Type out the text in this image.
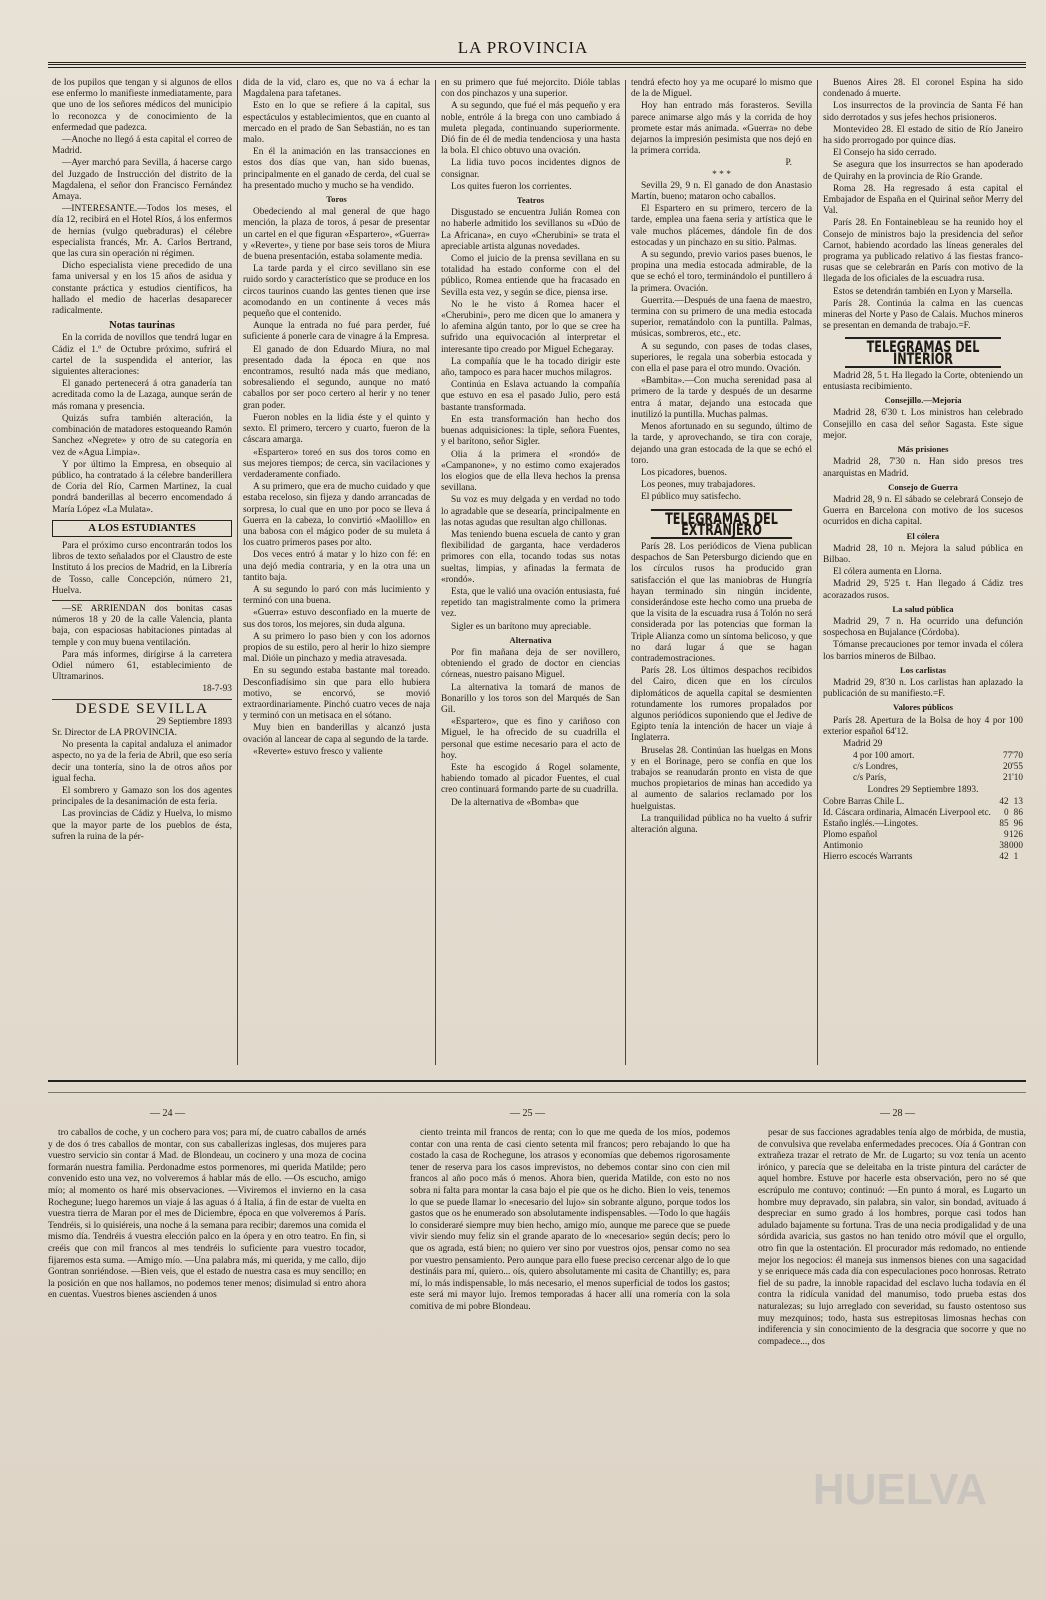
LA PROVINCIA

de los pupilos que tengan y si algunos de ellos ese enfermo lo manifieste inmediatamente, para que uno de los señores médicos del municipio lo reconozca y de conocimiento de la enfermedad que padezca.

—Anoche no llegó á esta capital el correo de Madrid.

—Ayer marchó para Sevilla, á hacerse cargo del Juzgado de Instrucción del distrito de la Magdalena, el señor don Francisco Fernández Amaya.

—INTERESANTE.—Todos los meses, el día 12, recibirá en el Hotel Ríos, á los enfermos de hernias (vulgo quebraduras) el célebre especialista francés, Mr. A. Carlos Bertrand, que las cura sin operación ni régimen.

Dicho especialista viene precedido de una fama universal y en los 15 años de asidua y constante práctica y estudios científicos, ha hallado el medio de hacerlas desaparecer radicalmente.

Notas taurinas

En la corrida de novillos que tendrá lugar en Cádiz el 1.º de Octubre próximo, sufrirá el cartel de la suspendida el anterior, las siguientes alteraciones:

El ganado pertenecerá á otra ganadería tan acreditada como la de Lazaga, aunque serán de más romana y presencia.

Quizás sufra también alteración, la combinación de matadores estoqueando Ramón Sanchez «Negrete» y otro de su categoría en vez de «Agua Limpia».

Y por último la Empresa, en obsequio al público, ha contratado á la célebre banderillera de Coria del Río, Carmen Martinez, la cual pondrá banderillas al becerro encomendado á María López «La Mulata».

A LOS ESTUDIANTES

Para el próximo curso encontrarán todos los libros de texto señalados por el Claustro de este Instituto á los precios de Madrid, en la Librería de Tosso, calle Concepción, número 21, Huelva.

—SE ARRIENDAN dos bonitas casas números 18 y 20 de la calle Valencia, planta baja, con espaciosas habitaciones pintadas al temple y con muy buena ventilación.

Para más informes, dirígirse á la carretera Odiel número 61, establecimiento de Ultramarinos.

18-7-93
DESDE SEVILLA
29 Septiembre 1893

Sr. Director de LA PROVINCIA.

No presenta la capital andaluza el animador aspecto, no ya de la feria de Abril, que eso sería decir una tontería, sino la de otros años por igual fecha.

El sombrero y Gamazo son los dos agentes principales de la desanimación de esta feria.

Las provincias de Cádiz y Huelva, lo mismo que la mayor parte de los pueblos de ésta, sufren la ruina de la pér-

dida de la vid, claro es, que no va á echar la Magdalena para tafetanes.

Esto en lo que se refiere á la capital, sus espectáculos y establecimientos, que en cuanto al mercado en el prado de San Sebastián, no es tan malo.

En él la animación en las transacciones en estos dos días que van, han sido buenas, principalmente en el ganado de cerda, del cual se ha presentado mucho y mucho se ha vendido.

Toros

Obedeciendo al mal general de que hago mención, la plaza de toros, á pesar de presentar un cartel en el que figuran «Espartero», «Guerra» y «Reverte», y tiene por base seis toros de Miura de buena presentación, estaba solamente media.

La tarde parda y el circo sevillano sin ese ruido sordo y característico que se produce en los circos taurinos cuando las gentes tienen que irse acomodando en un continente á veces más pequeño que el contenido.

Aunque la entrada no fué para perder, fué suficiente á ponerle cara de vinagre á la Empresa.

El ganado de don Eduardo Miura, no mal presentado dada la época en que nos encontramos, resultó nada más que mediano, sobresaliendo el segundo, aunque no mató caballos por ser poco certero al herir y no tener gran poder.

Fueron nobles en la lidia éste y el quinto y sexto. El primero, tercero y cuarto, fueron de la cáscara amarga.

«Espartero» toreó en sus dos toros como en sus mejores tiempos; de cerca, sin vacilaciones y verdaderamente confiado.

A su primero, que era de mucho cuidado y que estaba receloso, sin fijeza y dando arrancadas de sorpresa, lo cual que en uno por poco se lleva á Guerra en la cabeza, lo convirtió «Maolillo» en una babosa con el mágico poder de su muleta á los cuatro primeros pases por alto.

Dos veces entró á matar y lo hizo con fé: en una dejó media contraria, y en la otra una un tantito baja.

A su segundo lo paró con más lucimiento y terminó con una buena.

«Guerra» estuvo desconfiado en la muerte de sus dos toros, los mejores, sin duda alguna.

A su primero lo paso bien y con los adornos propios de su estilo, pero al herir lo hizo siempre mal. Dióle un pinchazo y media atravesada.

En su segundo estaba bastante mal toreado. Desconfiadísimo sin que para ello hubiera motivo, se encorvó, se movió extraordinariamente. Pinchó cuatro veces de naja y terminó con un metisaca en el sótano.

Muy bien en banderillas y alcanzó justa ovación al lancear de capa al segundo de la tarde.

«Reverte» estuvo fresco y valiente

en su primero que fué mejorcito. Dióle tablas con dos pinchazos y una superior.

A su segundo, que fué el más pequeño y era noble, entróle á la brega con uno cambiado á muleta plegada, continuando superiormente. Dió fin de él de media tendenciosa y una hasta la bola. El chico obtuvo una ovación.

La lidia tuvo pocos incidentes dignos de consignar.

Los quites fueron los corrientes.

Teatros

Disgustado se encuentra Julián Romea con no haberle admitido los sevillanos su «Dúo de La Africana», en cuyo «Cherubini» se trata el apreciable artista algunas novedades.

Como el juicio de la prensa sevillana en su totalidad ha estado conforme con el del público, Romea entiende que ha fracasado en Sevilla esta vez, y según se dice, piensa irse.

No le he visto á Romea hacer el «Cherubini», pero me dicen que lo amanera y lo afemina algún tanto, por lo que se cree ha sufrido una equivocación al interpretar el interesante tipo creado por Miguel Echegaray.

La compañía que le ha tocado dirigir este año, tampoco es para hacer muchos milagros.

Continúa en Eslava actuando la compañía que estuvo en esa el pasado Julio, pero está bastante transformada.

En esta transformación han hecho dos buenas adquisiciones: la tiple, señora Fuentes, y el barítono, señor Sigler.

Olia á la primera el «rondó» de «Campanone», y no estimo como exajerados los elogios que de ella lleva hechos la prensa sevillana.

Su voz es muy delgada y en verdad no todo lo agradable que se desearía, principalmente en las notas agudas que resultan algo chillonas.

Mas teniendo buena escuela de canto y gran flexibilidad de garganta, hace verdaderos primores con ella, tocando todas sus notas sueltas, limpias, y afinadas la fermata de «rondó».

Esta, que le valió una ovación entusiasta, fué repetido tan magistralmente como la primera vez.

Sigler es un barítono muy apreciable.

Alternativa

Por fin mañana deja de ser novillero, obteniendo el grado de doctor en ciencias córneas, nuestro paisano Miguel.

La alternativa la tomará de manos de Bonarillo y los toros son del Marqués de San Gil.

«Espartero», que es fino y cariñoso con Miguel, le ha ofrecido de su cuadrilla el personal que estime necesario para el acto de hoy.

Este ha escogido á Rogel solamente, habiendo tomado al picador Fuentes, el cual creo continuará formando parte de su cuadrilla.

De la alternativa de «Bomba» que

tendrá efecto hoy ya me ocuparé lo mismo que de la de Miguel.

Hoy han entrado más forasteros. Sevilla parece animarse algo más y la corrida de hoy promete estar más animada. «Guerra» no debe dejarnos la impresión pesimista que nos dejó en la primera corrida.

P.
* * *

Sevilla 29, 9 n. El ganado de don Anastasio Martín, bueno; mataron ocho caballos.

El Espartero en su primero, tercero de la tarde, emplea una faena seria y artística que le vale muchos plácemes, dándole fin de dos estocadas y un pinchazo en su sitio. Palmas.

A su segundo, previo varios pases buenos, le propina una media estocada admirable, de la que se echó el toro, terminándolo el puntillero á la primera. Ovación.

Guerrita.—Después de una faena de maestro, termina con su primero de una media estocada superior, rematándolo con la puntilla. Palmas, músicas, sombreros, etc., etc.

A su segundo, con pases de todas clases, superiores, le regala una soberbia estocada y con ella el pase para el otro mundo. Ovación.

«Bambita».—Con mucha serenidad pasa al primero de la tarde y después de un desarme entra á matar, dejando una estocada que inutilizó la puntilla. Muchas palmas.

Menos afortunado en su segundo, último de la tarde, y aprovechando, se tira con coraje, dejando una gran estocada de la que se echó el toro.

Los picadores, buenos.

Los peones, muy trabajadores.

El público muy satisfecho.

TELEGRAMAS DEL EXTRANJERO

París 28. Los periódicos de Viena publican despachos de San Petersburgo diciendo que en los círculos rusos ha producido gran satisfacción el que las maniobras de Hungría hayan terminado sin ningún incidente, considerándose este hecho como una prueba de que la visita de la escuadra rusa á Tolón no será considerada por las potencias que forman la Triple Alianza como un síntoma belicoso, y que no dará lugar á que se hagan contrademostraciones.

París 28. Los últimos despachos recibidos del Cairo, dicen que en los círculos diplomáticos de aquella capital se desmienten rotundamente los rumores propalados por algunos periódicos suponiendo que el Jedive de Egipto tenía la intención de hacer un viaje á Inglaterra.

Bruselas 28. Continúan las huelgas en Mons y en el Borinage, pero se confía en que los trabajos se reanudarán pronto en vista de que muchos propietarios de minas han accedido ya al aumento de salarios reclamado por los huelguistas.

La tranquilidad pública no ha vuelto á sufrir alteración alguna.

Buenos Aires 28. El coronel Espina ha sido condenado á muerte.

Los insurrectos de la provincia de Santa Fé han sido derrotados y sus jefes hechos prisioneros.

Montevideo 28. El estado de sitio de Río Janeiro ha sido prorrogado por quince días.

El Consejo ha sido cerrado.

Se asegura que los insurrectos se han apoderado de Quirahy en la provincia de Río Grande.

Roma 28. Ha regresado á esta capital el Embajador de España en el Quirinal señor Merry del Val.

París 28. En Fontainebleau se ha reunido hoy el Consejo de ministros bajo la presidencia del señor Carnot, habiendo acordado las líneas generales del programa ya publicado relativo á las fiestas franco-rusas que se celebrarán en París con motivo de la llegada de los oficiales de la escuadra rusa.

Estos se detendrán también en Lyon y Marsella.

París 28. Continúa la calma en las cuencas mineras del Norte y Paso de Calais. Muchos mineros se presentan en demanda de trabajo.=F.

TELEGRAMAS DEL INTERIOR

Madrid 28, 5 t. Ha llegado la Corte, obteniendo un entusiasta recibimiento.

Consejillo.—Mejoría

Madrid 28, 6'30 t. Los ministros han celebrado Consejillo en casa del señor Sagasta. Este sigue mejor.

Más prisiones

Madrid 28, 7'30 n. Han sido presos tres anarquistas en Madrid.

Consejo de Guerra

Madrid 28, 9 n. El sábado se celebrará Consejo de Guerra en Barcelona con motivo de los sucesos ocurridos en dicha capital.

El cólera

Madrid 28, 10 n. Mejora la salud pública en Bilbao.

El cólera aumenta en Llorna.

Madrid 29, 5'25 t. Han llegado á Cádiz tres acorazados rusos.

La salud pública

Madrid 29, 7 n. Ha ocurrido una defunción sospechosa en Bujalance (Córdoba).

Tómanse precauciones por temor invada el cólera los barrios mineros de Bilbao.

Los carlistas

Madrid 29, 8'30 n. Los carlistas han aplazado la publicación de su manifiesto.=F.

Valores públicos

París 28. Apertura de la Bolsa de hoy 4 por 100 exterior español 64'12.

Madrid 29
4 por 100 amort.	77'70
c/s Londres,	20'55
c/s París,	21'10
Londres 29 Septiembre 1893.
Cobre Barras Chile L.	42	1	3
Id. Cáscara ordinaria, Almacén Liverpool etc.	0	8	6
Estaño inglés.—Lingotes.	85	9	6
Plomo español	9	12	6
Antimonio	38	00	0
Hierro escocés Warrants	42	1	
— 24 —	— 25 —	— 28 —

tro caballos de coche, y un cochero para vos; para mí, de cuatro caballos de arnés y de dos ó tres caballos de montar, con sus caballerizas inglesas, dos mujeres para vuestro servicio sin contar á Mad. de Blondeau, un cocinero y una moza de cocina formarán nuestra familia. Perdonadme estos pormenores, mi querida Matilde; pero convenido esto una vez, no volveremos á hablar más de ello. —Os escucho, amigo mío; al momento os haré mis observaciones. —Viviremos el invierno en la casa Rochegune; luego haremos un viaje á las aguas ó á Italia, á fin de estar de vuelta en vuestra tierra de Maran por el mes de Diciembre, época en que volveremos á París. Tendréis, si lo quisiéreis, una noche á la semana para recibir; daremos una comida el mismo día. Tendréis á vuestra elección palco en la ópera y en otro teatro. En fin, si creéis que con mil francos al mes tendréis lo suficiente para vuestro tocador, fijaremos esta suma. —Amigo mío. —Una palabra más, mi querida, y me callo, dijo Gontran sonriéndose. —Bien veis, que el estado de nuestra casa es muy sencillo; en la posición en que nos hallamos, no podemos tener menos; disimulad si entro ahora en cuentas. Vuestros bienes ascienden á unos

ciento treinta mil francos de renta; con lo que me queda de los míos, podemos contar con una renta de casi ciento setenta mil francos; pero rebajando lo que ha costado la casa de Rochegune, los atrasos y economías que debemos rigorosamente tener de reserva para los casos imprevistos, no debemos contar sino con cien mil francos al año poco más ó menos. Ahora bien, querida Matilde, con esto no nos sobra ni falta para montar la casa bajo el pie que os he dicho. Bien lo veis, tenemos lo que se puede llamar lo «necesario del lujo» sin sobrante alguno, porque todos los gastos que os he enumerado son absolutamente indispensables. —Todo lo que hagáis lo consideraré siempre muy bien hecho, amigo mío, aunque me parece que se puede vivir siendo muy feliz sin el grande aparato de lo «necesario» según decís; pero lo que os agrada, está bien; no quiero ver sino por vuestros ojos, pensar como no sea por vuestro pensamiento. Pero aunque para ello fuese preciso cercenar algo de lo que destináis para mí, quiero... oís, quiero absolutamente mi casita de Chantilly; es, para mí, lo más indispensable, lo más necesario, el menos superficial de todos los gastos; este será mi mayor lujo. Iremos temporadas á hacer allí una romería con la sola comitiva de mi pobre Blondeau.

pesar de sus facciones agradables tenía algo de mórbida, de mustia, de convulsiva que revelaba enfermedades precoces. Oía á Gontran con extrañeza trazar el retrato de Mr. de Lugarto; su voz tenía un acento irónico, y parecía que se deleitaba en la triste pintura del carácter de aquel hombre. Estuve por hacerle esta observación, pero no sé que escrúpulo me contuvo; continuó: —En punto á moral, es Lugarto un hombre muy depravado, sin palabra, sin valor, sin bondad, avituado á despreciar en sumo grado á los hombres, porque casi todos han adulado bajamente su fortuna. Tras de una necia prodigalidad y de una sórdida avaricia, sus gastos no han tenido otro móvil que el orgullo, otro fin que la ostentación. El procurador más redomado, no entiende mejor los negocios: él maneja sus inmensos bienes con una sagacidad y se enriquece más cada día con especulaciones poco honrosas. Retrato fiel de su padre, la innoble rapacidad del esclavo lucha todavía en él contra la ridícula vanidad del manumiso, todo prueba estas dos naturalezas; su lujo arreglado con severidad, su fausto ostentoso sus muy mezquinos; todo, hasta sus estrepitosas limosnas hechas con indiferencia y sin conocimiento de la desgracia que socorre y que no compadece..., dos

HUELVA
